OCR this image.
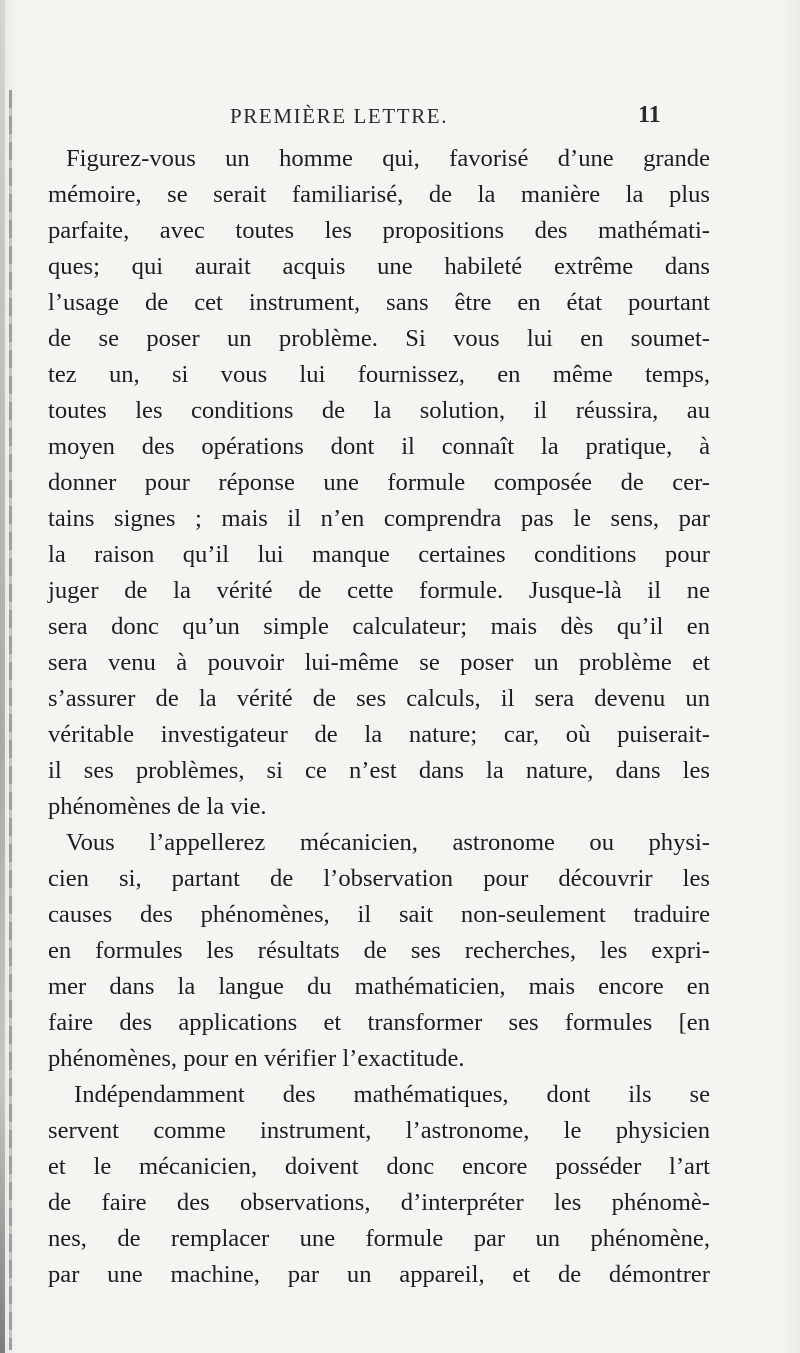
PREMIÈRE LETTRE.	11
Figurez-vous un homme qui, favorisé d’une grande
mémoire, se serait familiarisé, de la manière la plus
parfaite, avec toutes les propositions des mathémati-
ques; qui aurait acquis une habileté extrême dans
l’usage de cet instrument, sans être en état pourtant
de se poser un problème. Si vous lui en soumet-
tez un, si vous lui fournissez, en même temps,
toutes les conditions de la solution, il réussira, au
moyen des opérations dont il connaît la pratique, à
donner pour réponse une formule composée de cer-
tains signes ; mais il n’en comprendra pas le sens, par
la raison qu’il lui manque certaines conditions pour
juger de la vérité de cette formule. Jusque-là il ne
sera donc qu’un simple calculateur; mais dès qu’il en
sera venu à pouvoir lui-même se poser un problème et
s’assurer de la vérité de ses calculs, il sera devenu un
véritable investigateur de la nature; car, où puiserait-
il ses problèmes, si ce n’est dans la nature, dans les
phénomènes de la vie.
Vous l’appellerez mécanicien, astronome ou physi-
cien si, partant de l’observation pour découvrir les
causes des phénomènes, il sait non-seulement traduire
en formules les résultats de ses recherches, les expri-
mer dans la langue du mathématicien, mais encore en
faire des applications et transformer ses formules [en
phénomènes, pour en vérifier l’exactitude.
Indépendamment des mathématiques, dont ils se
servent comme instrument, l’astronome, le physicien
et le mécanicien, doivent donc encore posséder l’art
de faire des observations, d’interpréter les phénomè-
nes, de remplacer une formule par un phénomène,
par une machine, par un appareil, et de démontrer
